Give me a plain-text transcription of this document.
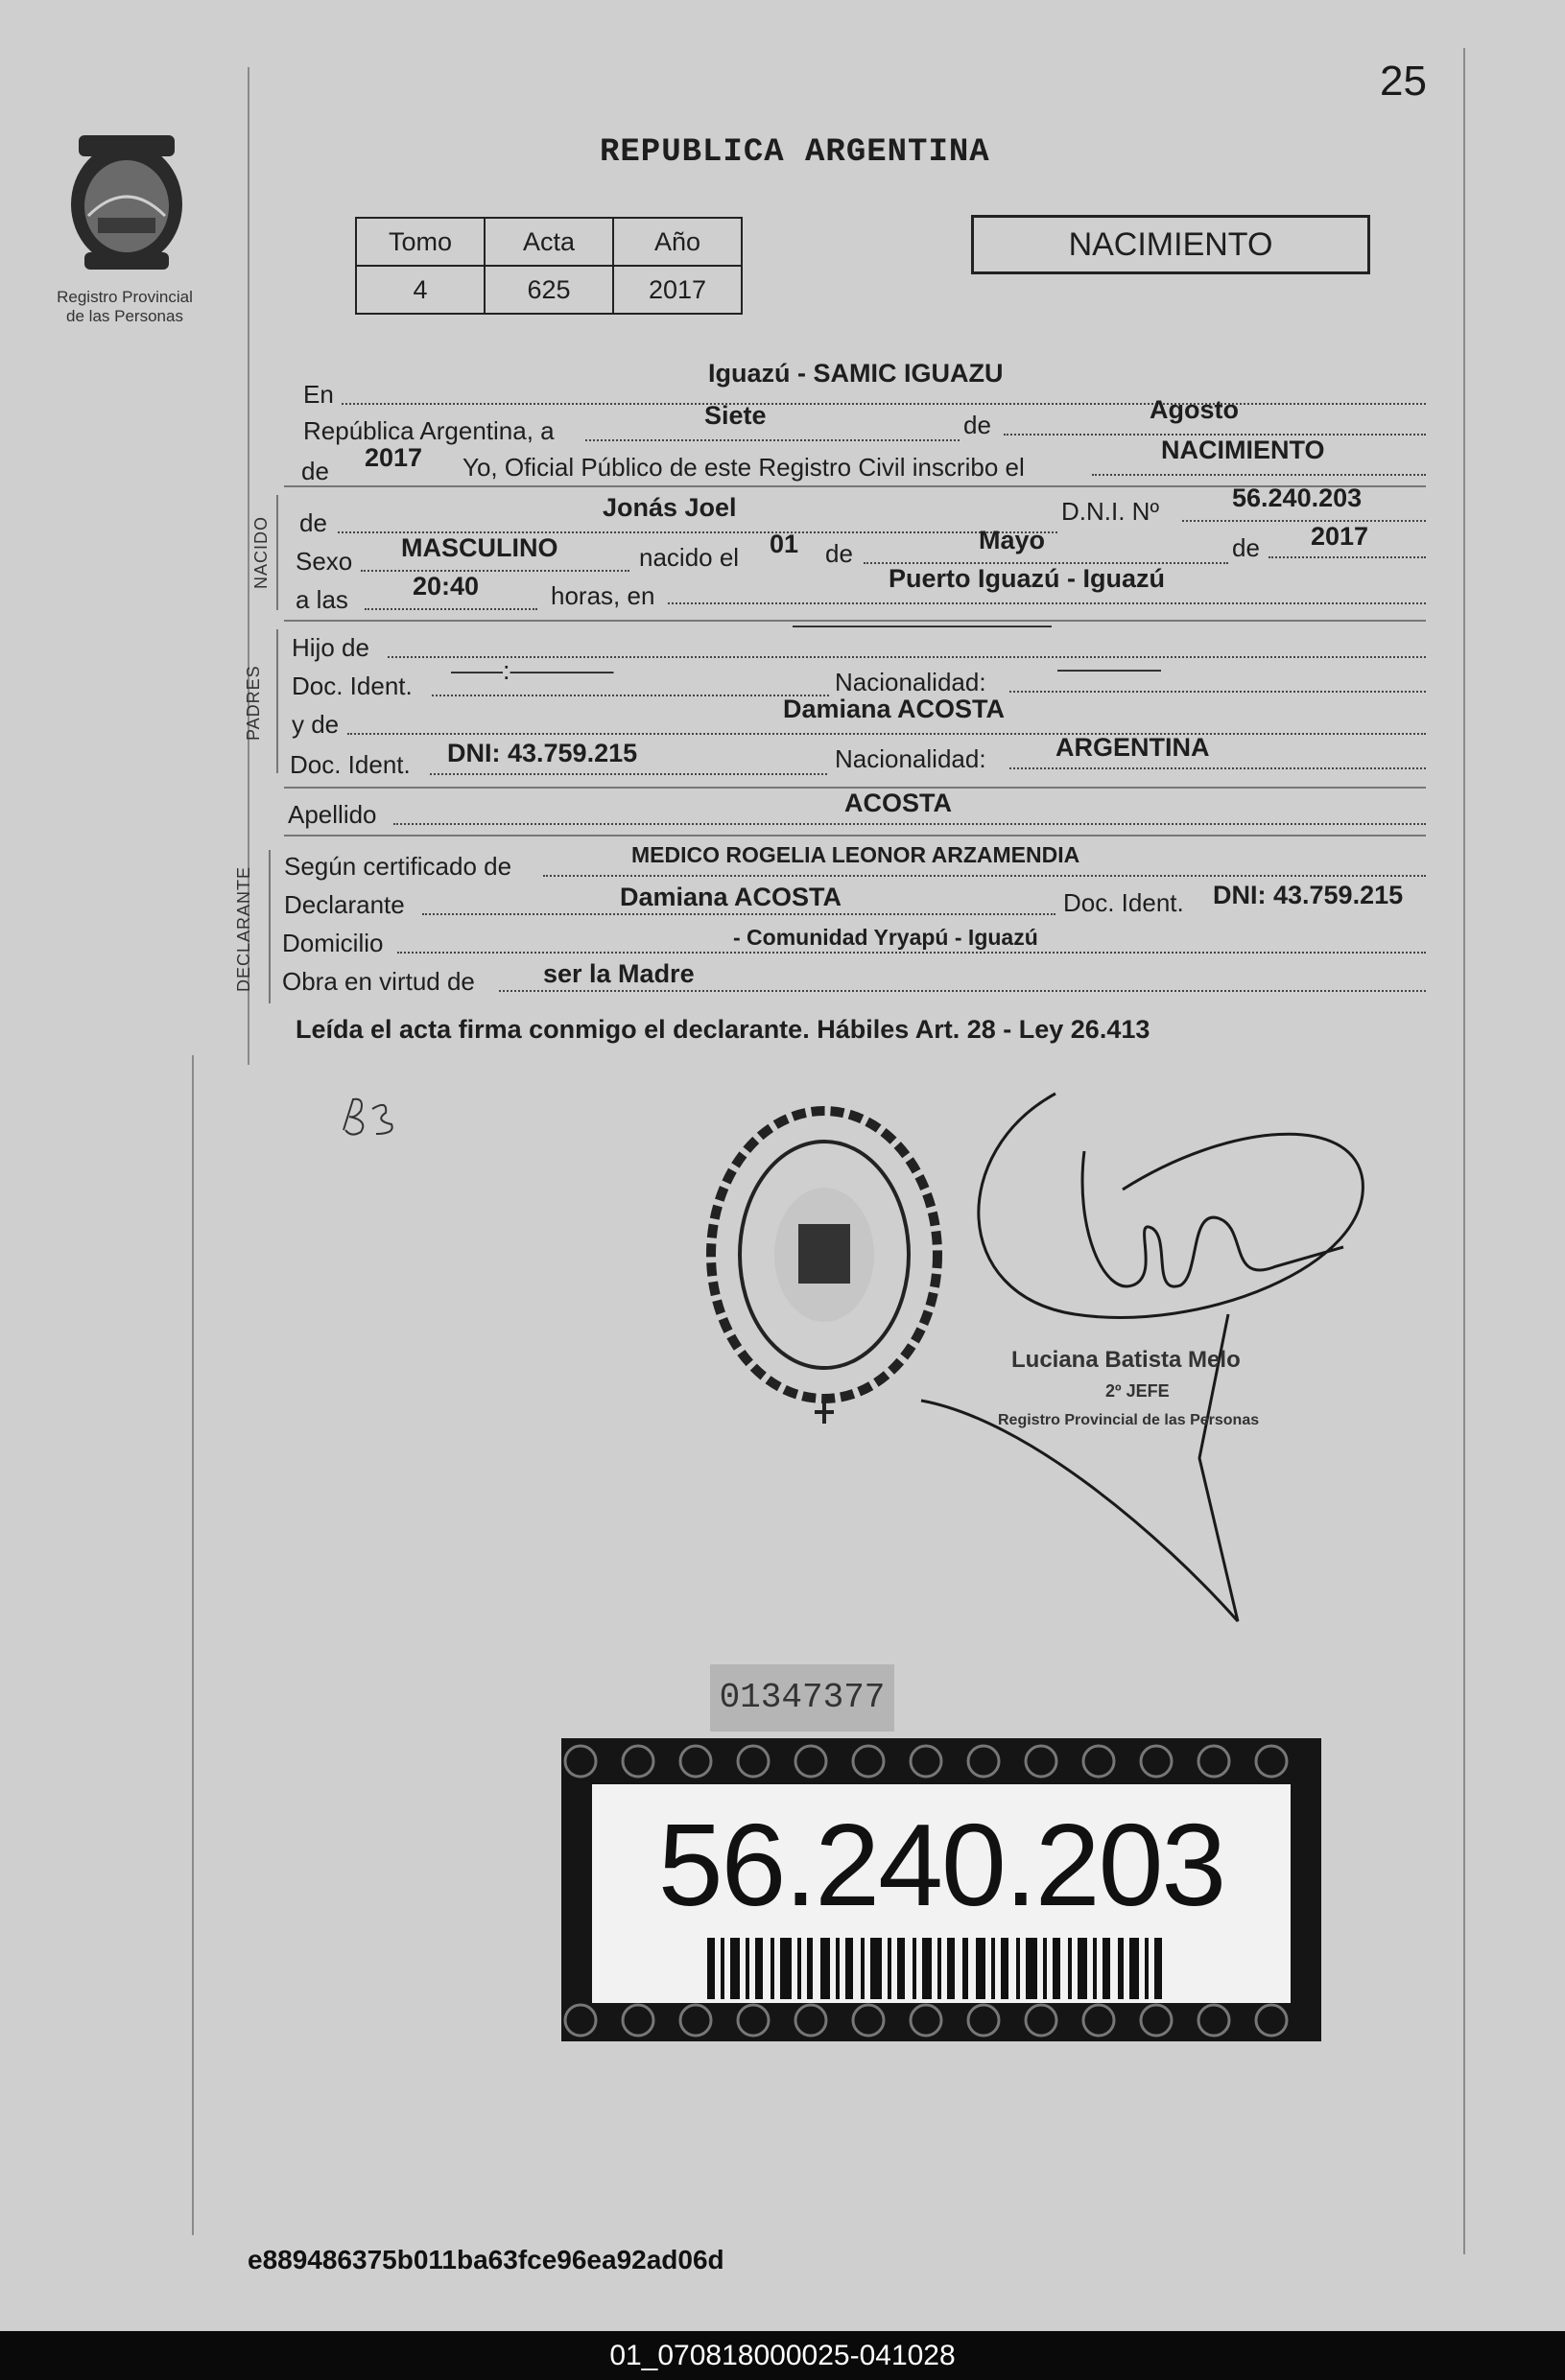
25
Registro Provincial
de las Personas
REPUBLICA ARGENTINA
Tomo	Acta	Año
4	625	2017
NACIMIENTO
En
Iguazú - SAMIC IGUAZU
República Argentina, a
Siete	de
Agosto
de 2017 Yo, Oficial Público de este Registro Civil inscribo el
NACIMIENTO
NACIDO de
Jonás Joel	D.N.I. Nº	56.240.203
Sexo MASCULINO	nacido el 01 de	Mayo	de 2017
a las 20:40	horas, en
Puerto Iguazú - Iguazú
PADRES
Hijo de
——————————
Doc. Ident.
——:————	Nacionalidad:	————
y de
Damiana ACOSTA
Doc. Ident. DNI: 43.759.215	Nacionalidad:	ARGENTINA
Apellido	ACOSTA
DECLARANTE Según certificado de	MEDICO ROGELIA LEONOR ARZAMENDIA
Declarante	Damiana ACOSTA	Doc. Ident. DNI: 43.759.215
Domicilio	- Comunidad Yryapú - Iguazú
Obra en virtud de	ser la Madre
Leída el acta firma conmigo el declarante. Hábiles Art. 28 - Ley 26.413
Luciana Batista Melo
2º JEFE
Registro Provincial de las Personas
01347377
56.240.203
e889486375b011ba63fce96ea92ad06d
01_070818000025-041028
